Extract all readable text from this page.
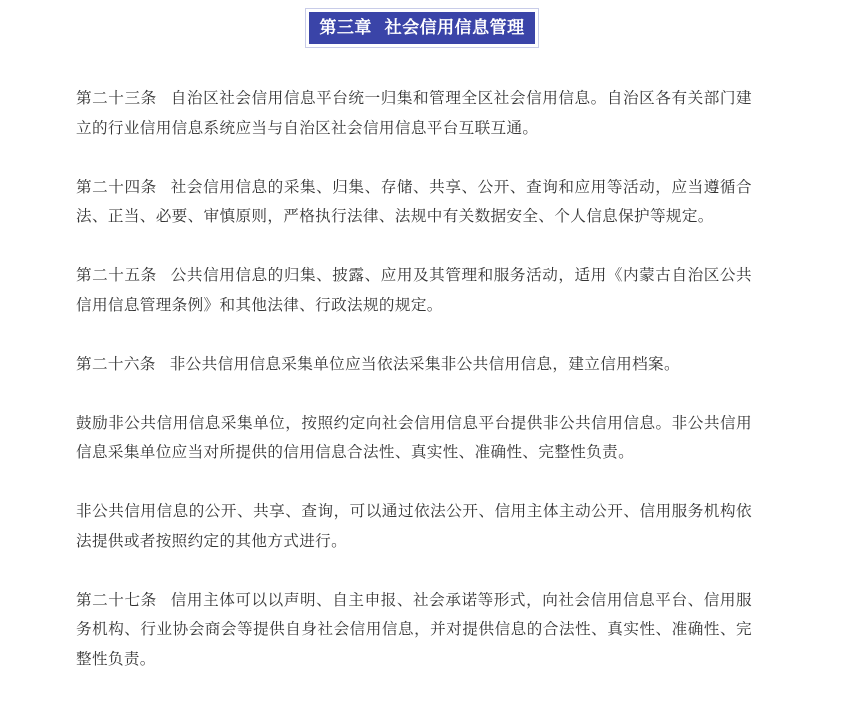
第三章  社会信用信息管理

第二十三条 自治区社会信用信息平台统一归集和管理全区社会信用信息。自治区各有关部门建立的行业信用信息系统应当与自治区社会信用信息平台互联互通。

第二十四条 社会信用信息的采集、归集、存储、共享、公开、查询和应用等活动，应当遵循合法、正当、必要、审慎原则，严格执行法律、法规中有关数据安全、个人信息保护等规定。

第二十五条 公共信用信息的归集、披露、应用及其管理和服务活动，适用《内蒙古自治区公共信用信息管理条例》和其他法律、行政法规的规定。

第二十六条 非公共信用信息采集单位应当依法采集非公共信用信息，建立信用档案。

鼓励非公共信用信息采集单位，按照约定向社会信用信息平台提供非公共信用信息。非公共信用信息采集单位应当对所提供的信用信息合法性、真实性、准确性、完整性负责。

非公共信用信息的公开、共享、查询，可以通过依法公开、信用主体主动公开、信用服务机构依法提供或者按照约定的其他方式进行。

第二十七条 信用主体可以以声明、自主申报、社会承诺等形式，向社会信用信息平台、信用服务机构、行业协会商会等提供自身社会信用信息，并对提供信息的合法性、真实性、准确性、完整性负责。
